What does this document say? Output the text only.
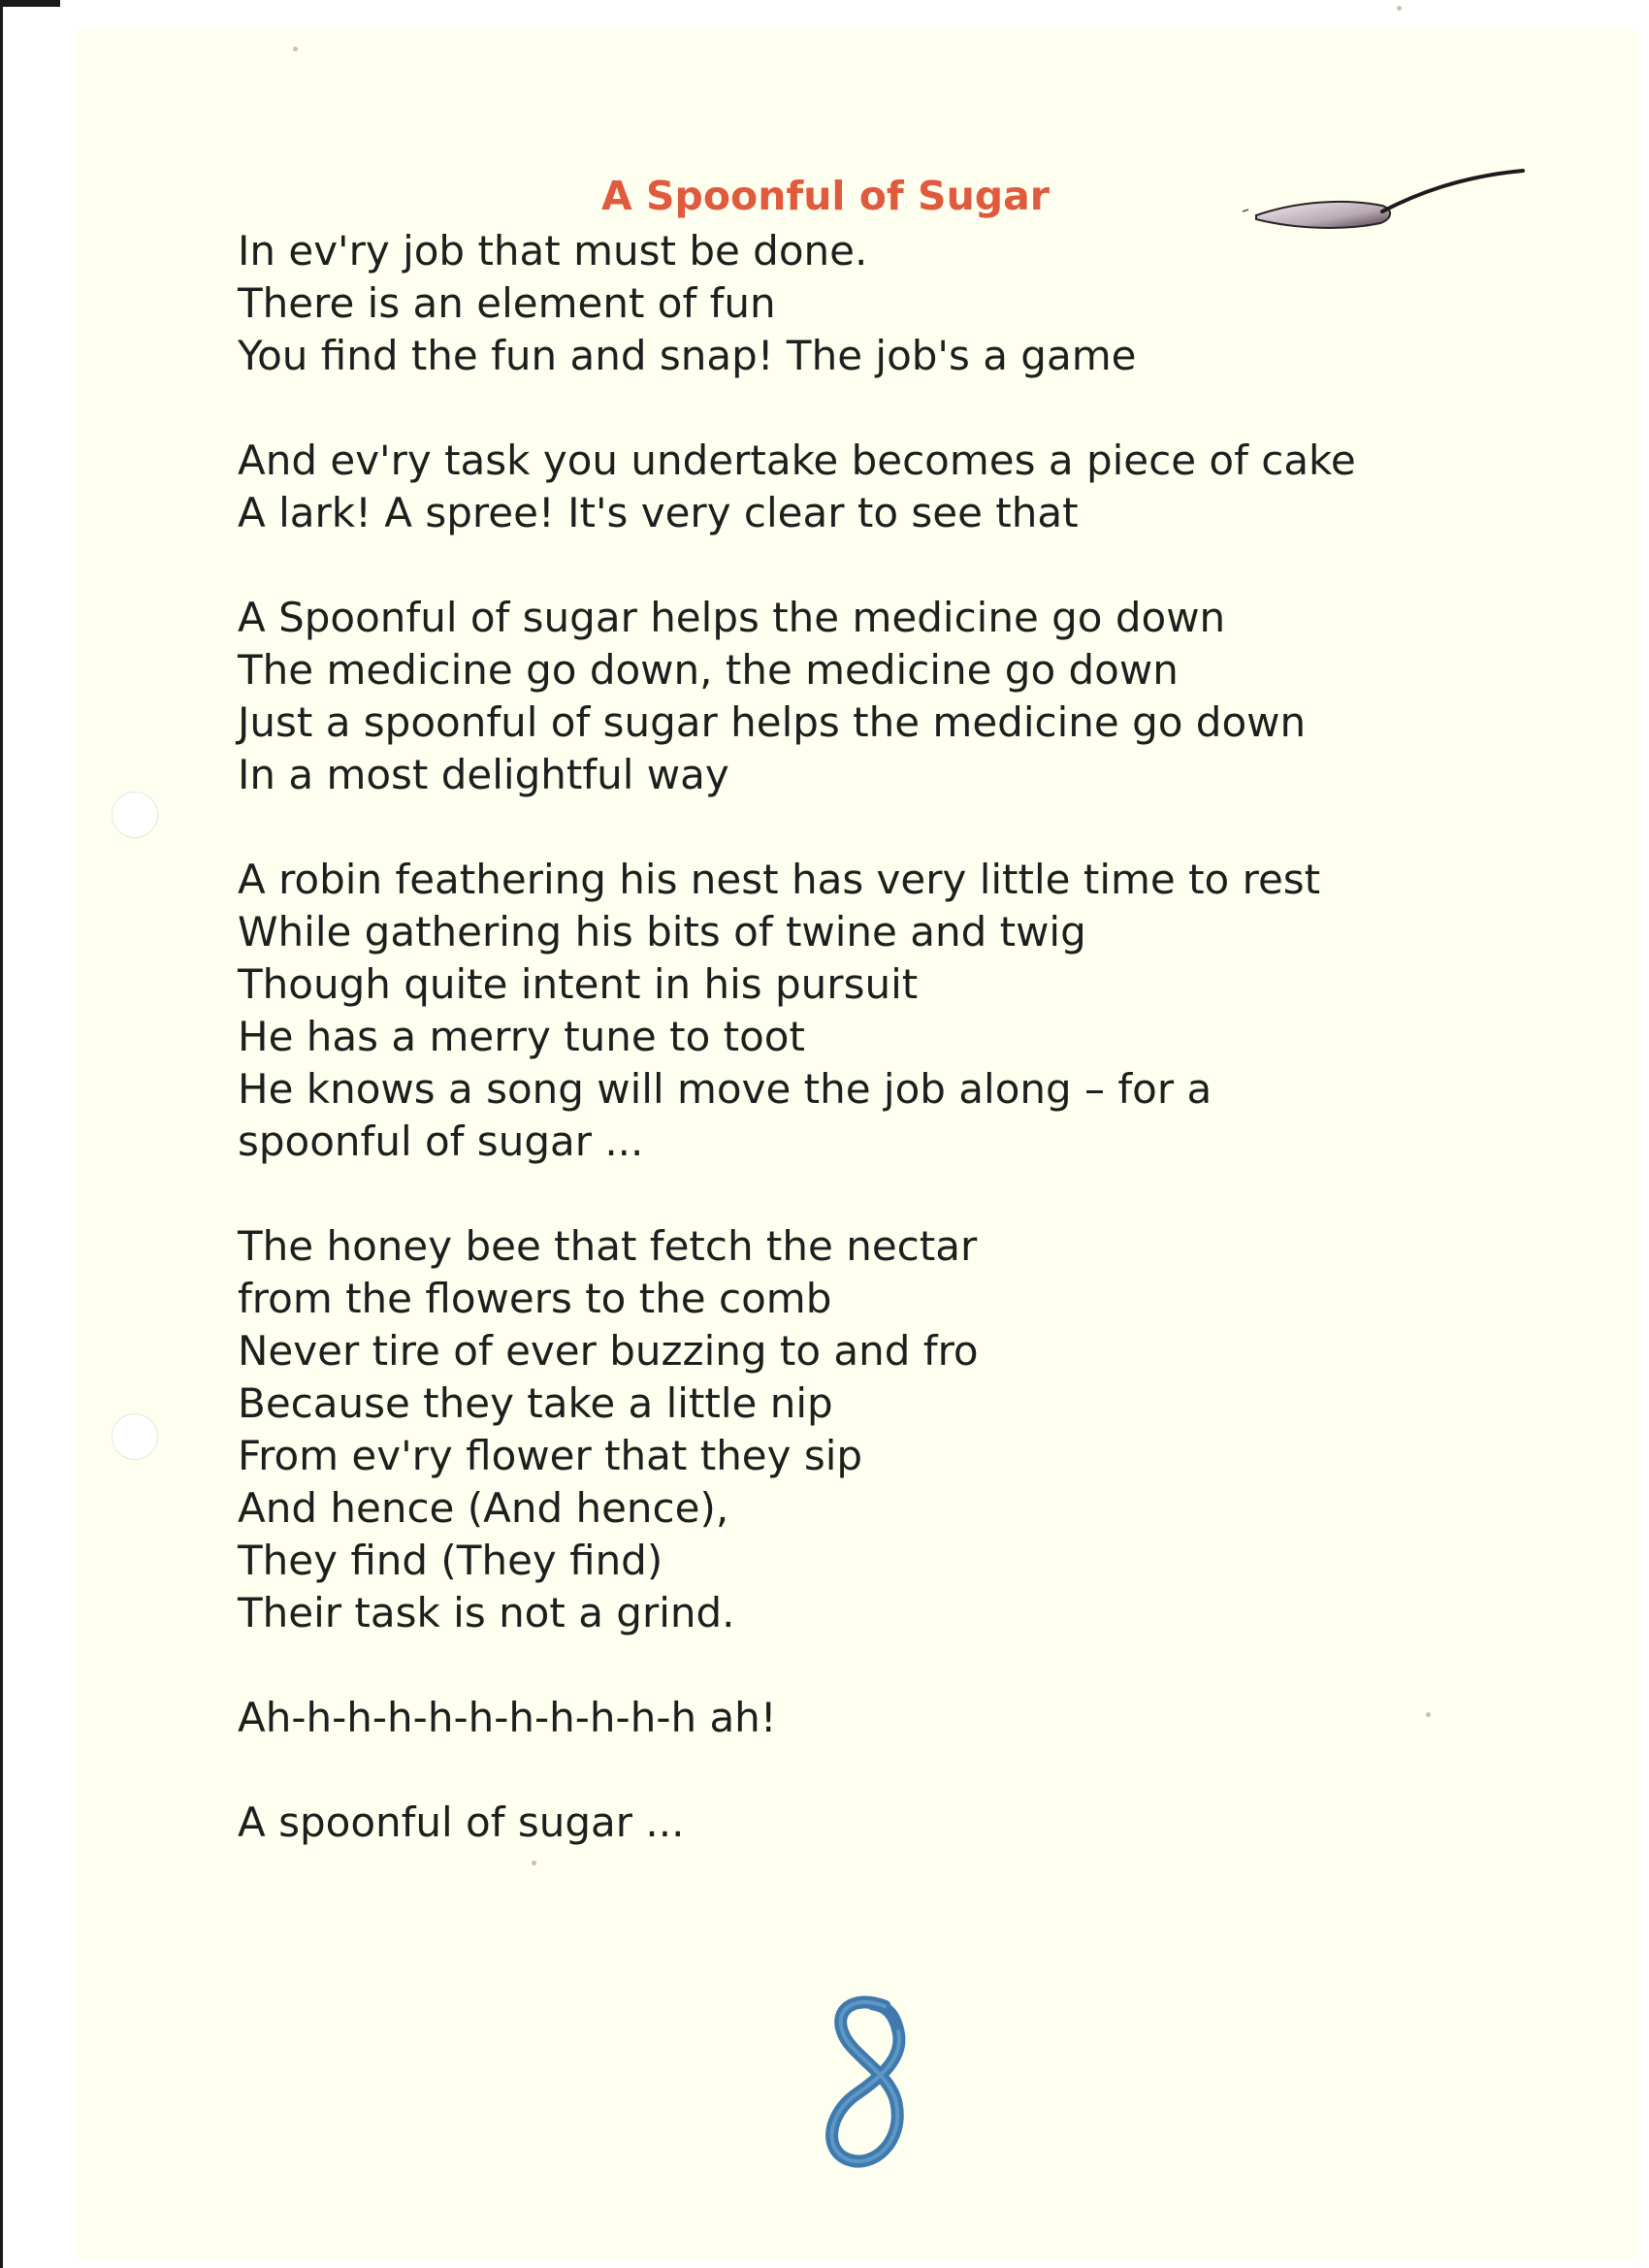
A Spoonful of Sugar
In ev'ry job that must be done.
There is an element of fun
You find the fun and snap! The job's a game
And ev'ry task you undertake becomes a piece of cake
A lark! A spree! It's very clear to see that
A Spoonful of sugar helps the medicine go down
The medicine go down, the medicine go down
Just a spoonful of sugar helps the medicine go down
In a most delightful way
A robin feathering his nest has very little time to rest
While gathering his bits of twine and twig
Though quite intent in his pursuit
He has a merry tune to toot
He knows a song will move the job along – for a
spoonful of sugar ...
The honey bee that fetch the nectar
from the flowers to the comb
Never tire of ever buzzing to and fro
Because they take a little nip
From ev'ry flower that they sip
And hence (And hence),
They find (They find)
Their task is not a grind.
Ah-h-h-h-h-h-h-h-h-h-h ah!
A spoonful of sugar ...
